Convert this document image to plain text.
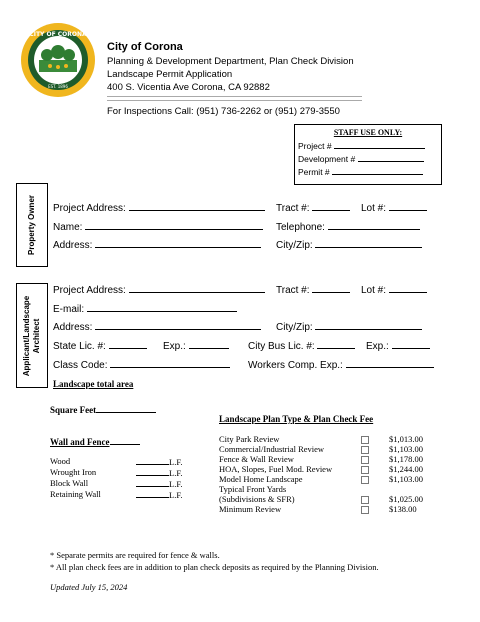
CITY OF CORONA
EST. 1896
City of Corona
Planning & Development Department, Plan Check Division
Landscape Permit Application
400 S. Vicentia Ave Corona, CA 92882
For Inspections Call: (951) 736-2262 or (951) 279-3550
STAFF USE ONLY:
Project #
Development #
Permit #
Property Owner Project Address:	Tract #:	Lot #:
Name:	Telephone:
Address:	City/Zip:
Applicant/Landscape
Architect
Project Address:	Tract #:	Lot #:
E-mail:
Address:	City/Zip:
State Lic. #:	Exp.:	City Bus Lic. #:	Exp.:
Class Code:	Workers Comp. Exp.:
Landscape total area
Square Feet
Landscape Plan Type & Plan Check Fee
Wall and Fence
Wood	L.F.
Wrought Iron	L.F.
Block Wall	L.F.
Retaining Wall	L.F.
City Park Review	$1,013.00
Commercial/Industrial Review	$1,103.00
Fence & Wall Review	$1,178.00
HOA, Slopes, Fuel Mod. Review	$1,244.00
Model Home Landscape	$1,103.00
Typical Front Yards
(Subdivisions & SFR)	$1,025.00
Minimum Review	$138.00
* Separate permits are required for fence & walls.
* All plan check fees are in addition to plan check deposits as required by the Planning Division.
Updated July 15, 2024
